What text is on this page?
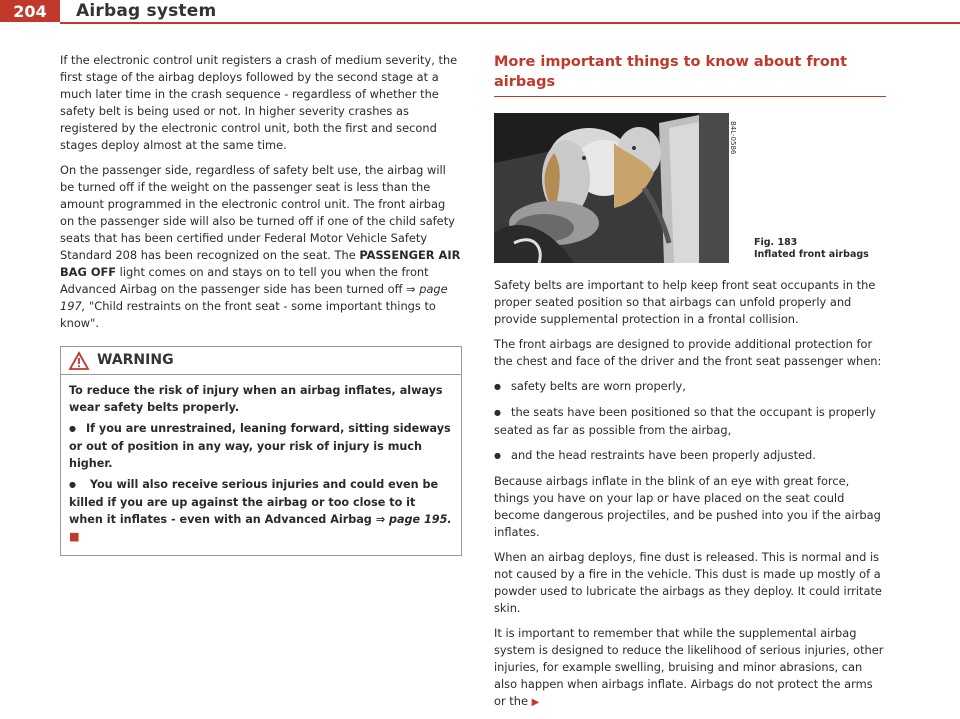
204	Airbag system

If the electronic control unit registers a crash of medium severity, the first stage of the airbag deploys followed by the second stage at a much later time in the crash sequence - regardless of whether the safety belt is being used or not. In higher severity crashes as registered by the electronic control unit, both the first and second stages deploy almost at the same time.

On the passenger side, regardless of safety belt use, the airbag will be turned off if the weight on the passenger seat is less than the amount programmed in the electronic control unit. The front airbag on the passenger side will also be turned off if one of the child safety seats that has been certified under Federal Motor Vehicle Safety Standard 208 has been recognized on the seat. The PASSENGER AIR BAG OFF light comes on and stays on to tell you when the front Advanced Airbag on the passenger side has been turned off ⇒ page 197, "Child restraints on the front seat - some important things to know".

WARNING

To reduce the risk of injury when an airbag inflates, always wear safety belts properly.

● If you are unrestrained, leaning forward, sitting sideways or out of position in any way, your risk of injury is much higher.

● You will also receive serious injuries and could even be killed if you are up against the airbag or too close to it when it inflates - even with an Advanced Airbag ⇒ page 195. ■

More important things to know about front airbags
B4L-0586
Fig. 183
Inflated front airbags

Safety belts are important to help keep front seat occupants in the proper seated position so that airbags can unfold properly and provide supplemental protection in a frontal collision.

The front airbags are designed to provide additional protection for the chest and face of the driver and the front seat passenger when:

● safety belts are worn properly,

● the seats have been positioned so that the occupant is properly seated as far as possible from the airbag,

● and the head restraints have been properly adjusted.

Because airbags inflate in the blink of an eye with great force, things you have on your lap or have placed on the seat could become dangerous projectiles, and be pushed into you if the airbag inflates.

When an airbag deploys, fine dust is released. This is normal and is not caused by a fire in the vehicle. This dust is made up mostly of a powder used to lubricate the airbags as they deploy. It could irritate skin.

It is important to remember that while the supplemental airbag system is designed to reduce the likelihood of serious injuries, other injuries, for example swelling, bruising and minor abrasions, can also happen when airbags inflate. Airbags do not protect the arms or the ▶
